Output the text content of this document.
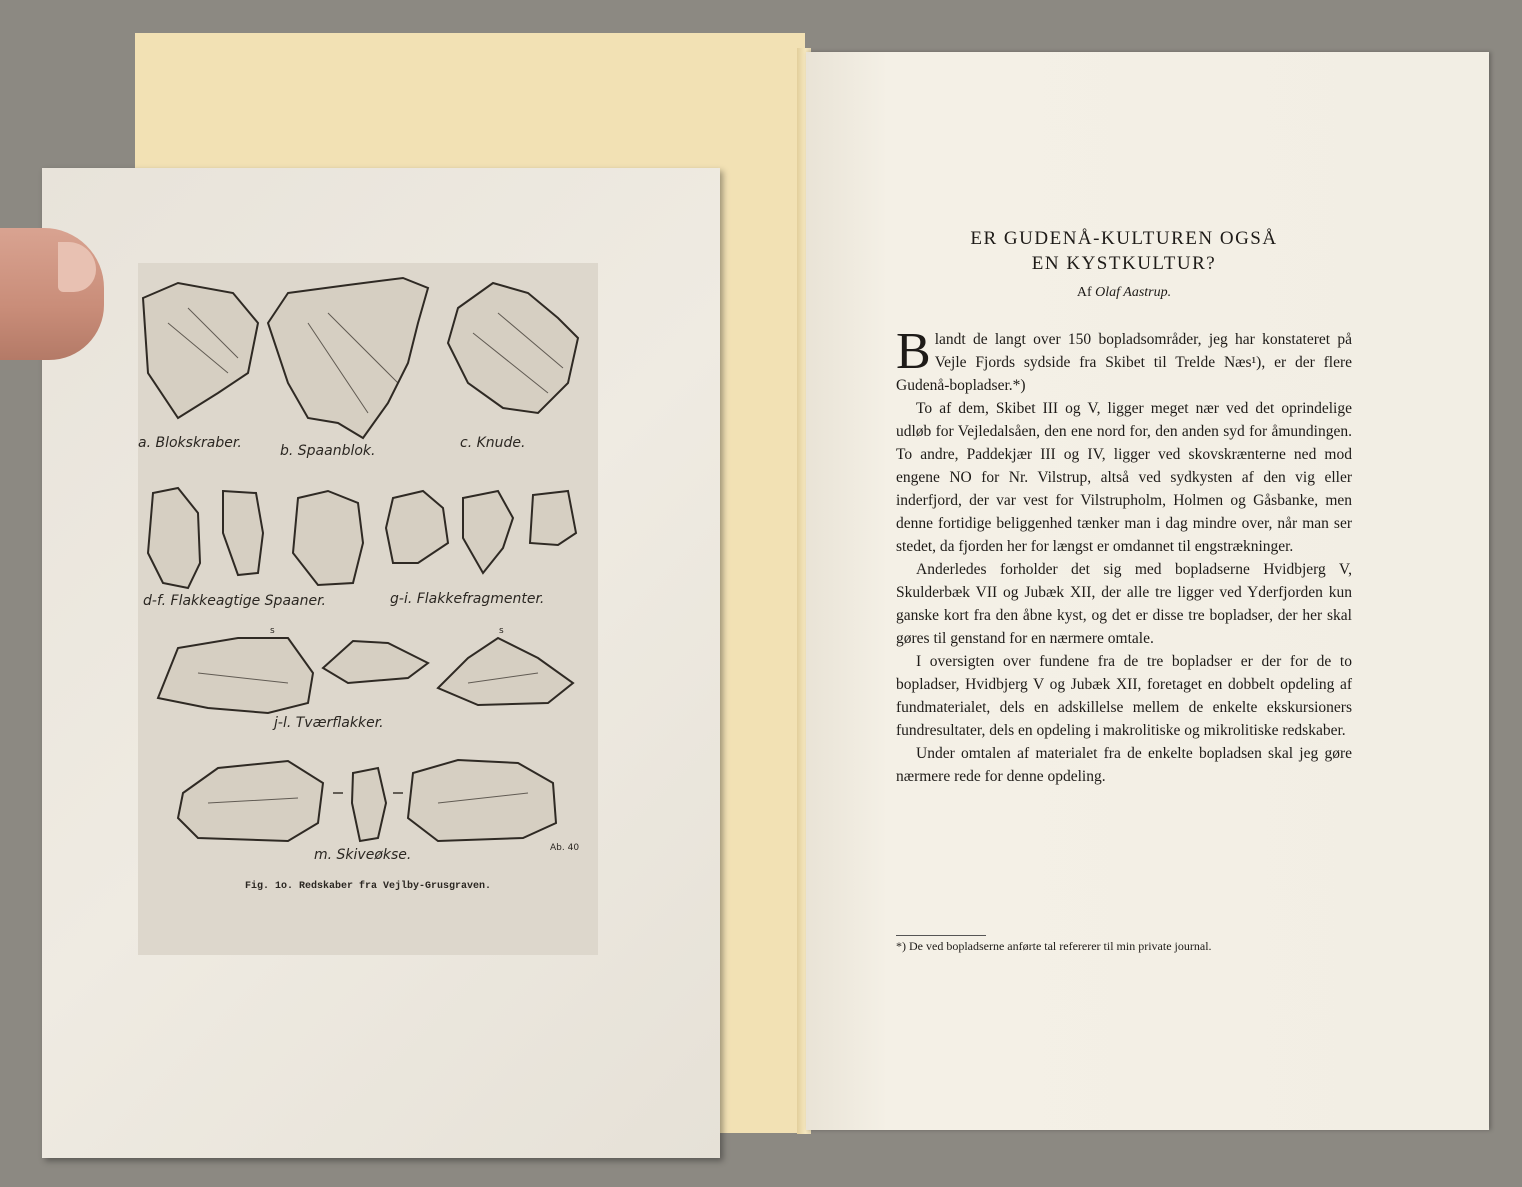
ER GUDENÅ-KULTUREN OGSÅ
EN KYSTKULTUR?
Af Olaf Aastrup.

Blandt de langt over 150 bopladsområder, jeg har konstateret på Vejle Fjords sydside fra Skibet til Trelde Næs¹), er der flere Gudenå-bopladser.*)

To af dem, Skibet III og V, ligger meget nær ved det oprindelige udløb for Vejledalsåen, den ene nord for, den anden syd for åmundingen. To andre, Paddekjær III og IV, ligger ved skovskrænterne ned mod engene NO for Nr. Vilstrup, altså ved sydkysten af den vig eller inderfjord, der var vest for Vilstrupholm, Holmen og Gåsbanke, men denne fortidige beliggenhed tænker man i dag mindre over, når man ser stedet, da fjorden her for længst er omdannet til engstrækninger.

Anderledes forholder det sig med bopladserne Hvidbjerg V, Skulderbæk VII og Jubæk XII, der alle tre ligger ved Yderfjorden kun ganske kort fra den åbne kyst, og det er disse tre bopladser, der her skal gøres til genstand for en nærmere omtale.

I oversigten over fundene fra de tre bopladser er der for de to bopladser, Hvidbjerg V og Jubæk XII, foretaget en dobbelt opdeling af fundmaterialet, dels en adskillelse mellem de enkelte ekskursioners fundresultater, dels en opdeling i makrolitiske og mikrolitiske redskaber.

Under omtalen af materialet fra de enkelte bopladsen skal jeg gøre nærmere rede for denne opdeling.

*) De ved bopladserne anførte tal refererer til min private journal.
a. Blokskraber.	b. Spaanblok.	c. Knude.
d-f. Flakkeagtige Spaaner.	g-i. Flakkefragmenter.
s	s
j-l. Tværflakker.
m. Skiveøkse.	Ab. 40
Fig. 1o. Redskaber fra Vejlby-Grusgraven.
